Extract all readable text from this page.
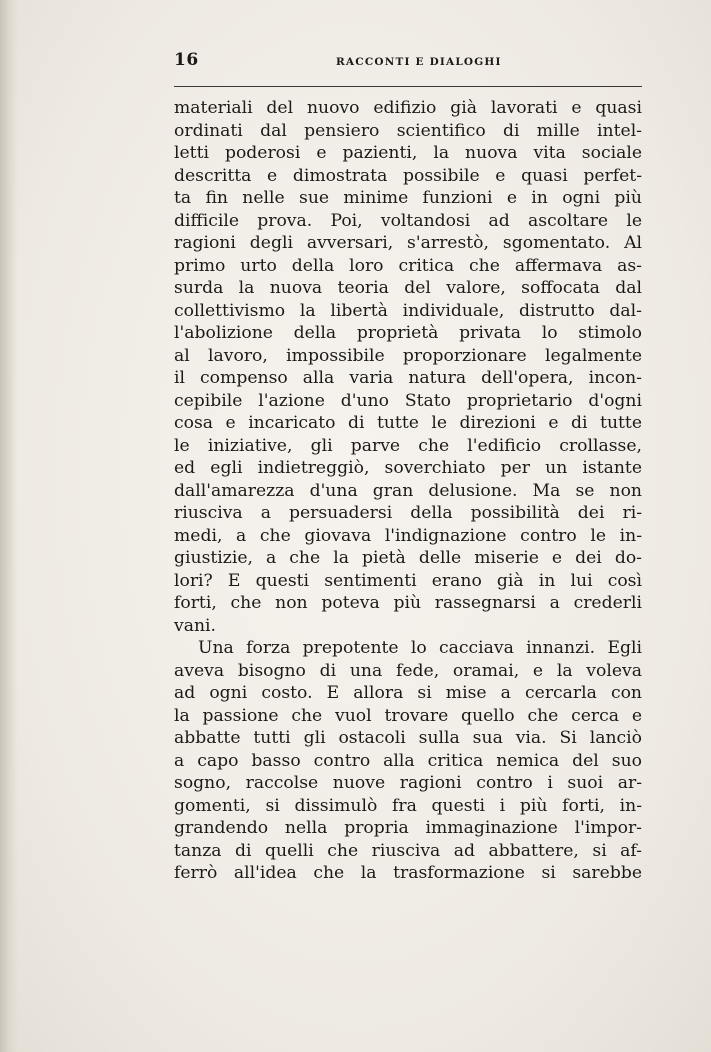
16	RACCONTI E DIALOGHI
materiali del nuovo edifizio già lavorati e quasi
ordinati dal pensiero scientifico di mille intel-
letti poderosi e pazienti, la nuova vita sociale
descritta e dimostrata possibile e quasi perfet-
ta fin nelle sue minime funzioni e in ogni più
difficile prova. Poi, voltandosi ad ascoltare le
ragioni degli avversari, s'arrestò, sgomentato. Al
primo urto della loro critica che affermava as-
surda la nuova teoria del valore, soffocata dal
collettivismo la libertà individuale, distrutto dal-
l'abolizione della proprietà privata lo stimolo
al lavoro, impossibile proporzionare legalmente
il compenso alla varia natura dell'opera, incon-
cepibile l'azione d'uno Stato proprietario d'ogni
cosa e incaricato di tutte le direzioni e di tutte
le iniziative, gli parve che l'edificio crollasse,
ed egli indietreggiò, soverchiato per un istante
dall'amarezza d'una gran delusione. Ma se non
riusciva a persuadersi della possibilità dei ri-
medi, a che giovava l'indignazione contro le in-
giustizie, a che la pietà delle miserie e dei do-
lori? E questi sentimenti erano già in lui così
forti, che non poteva più rassegnarsi a crederli
vani.
Una forza prepotente lo cacciava innanzi. Egli
aveva bisogno di una fede, oramai, e la voleva
ad ogni costo. E allora si mise a cercarla con
la passione che vuol trovare quello che cerca e
abbatte tutti gli ostacoli sulla sua via. Si lanciò
a capo basso contro alla critica nemica del suo
sogno, raccolse nuove ragioni contro i suoi ar-
gomenti, si dissimulò fra questi i più forti, in-
grandendo nella propria immaginazione l'impor-
tanza di quelli che riusciva ad abbattere, si af-
ferrò all'idea che la trasformazione si sarebbe
